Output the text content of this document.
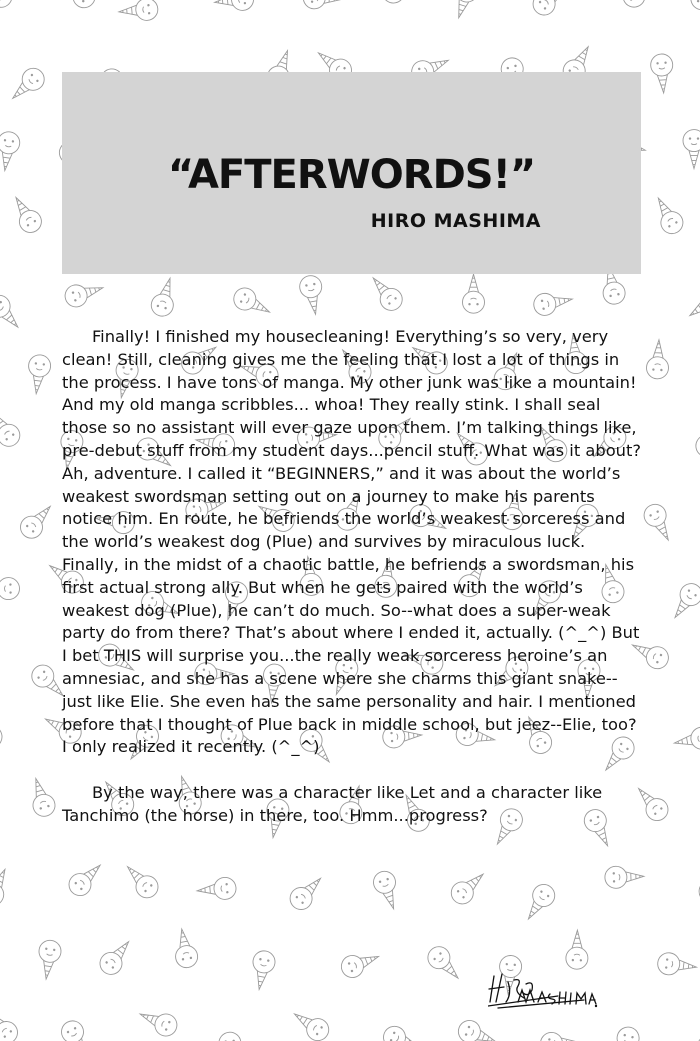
“AFTERWORDS!”
HIRO MASHIMA

Finally! I finished my housecleaning! Everything’s so very, very clean! Still, cleaning gives me the feeling that I lost a lot of things in the process. I have tons of manga. My other junk was like a mountain! And my old manga scribbles... whoa! They really stink. I shall seal those so no assistant will ever gaze upon them. I’m talking things like, pre-debut stuff from my student days...pencil stuff. What was it about? Ah, adventure. I called it “BEGINNERS,” and it was about the world’s weakest swordsman setting out on a journey to make his parents notice him. En route, he befriends the world’s weakest sorceress and the world’s weakest dog (Plue) and survives by miraculous luck. Finally, in the midst of a chaotic battle, he befriends a swordsman, his first actual strong ally. But when he gets paired with the world’s weakest dog (Plue), he can’t do much. So--what does a super-weak party do from there? That’s about where I ended it, actually. (^_^) But I bet THIS will surprise you...the really weak sorceress heroine’s an amnesiac, and she has a scene where she charms this giant snake--just like Elie. She even has the same personality and hair. I mentioned before that I thought of Plue back in middle school, but jeez--Elie, too? I only realized it recently. (^_^)

By the way, there was a character like Let and a character like Tanchimo (the horse) in there, too. Hmm...progress?
